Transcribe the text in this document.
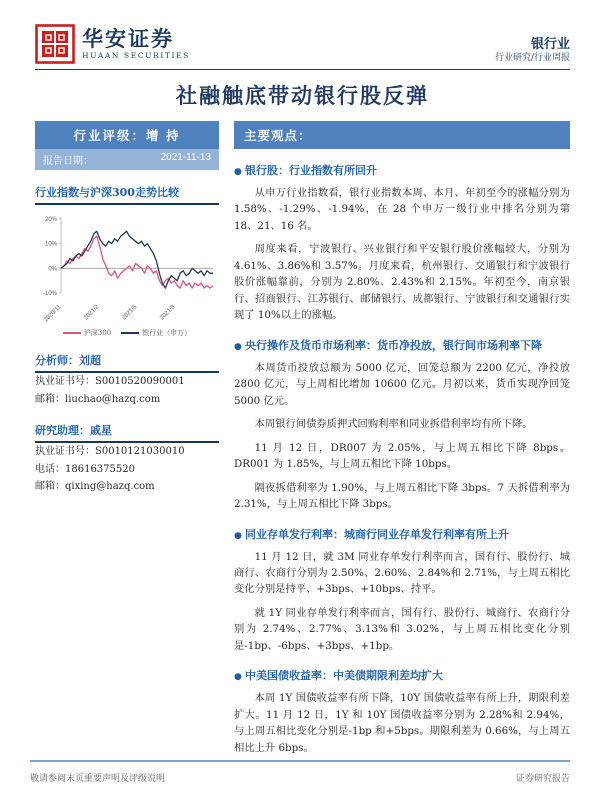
华安证券
HUAAN SECURITIES
银行业
行业研究/行业周报
社融触底带动银行股反弹
行业评级：增 持
报告日期：	2021-11-13
行业指数与沪深300走势比较
20%
10%
0%
-10%
2020/11	2021/2	2021/5	2021/8
沪深300	银行业（申万）
分析师：刘超
执业证书号：S0010520090001
邮箱：liuchao@hazq.com
研究助理：戚星
执业证书号：S0010121030010
电话：18616375520
邮箱：qixing@hazq.com
主要观点：
● 银行股：行业指数有所回升

从申万行业指数看，银行业指数本周、本月、年初至今的涨幅分别为 1.58%、-1.29%、-1.94%，在 28 个申万一级行业中排名分别为第 18、21、16 名。

周度来看，宁波银行、兴业银行和平安银行股价涨幅较大，分别为 4.61%、3.86%和 3.57%。月度来看，杭州银行、交通银行和宁波银行股价涨幅靠前，分别为 2.80%、2.43%和 2.15%。年初至今，南京银行、招商银行、江苏银行、邮储银行、成都银行、宁波银行和交通银行实现了 10%以上的涨幅。

● 央行操作及货币市场利率：货币净投放，银行间市场利率下降

本周货币投放总额为 5000 亿元，回笼总额为 2200 亿元，净投放 2800 亿元，与上周相比增加 10600 亿元。月初以来，货币实现净回笼 5000 亿元。

本周银行间债券质押式回购利率和同业拆借利率均有所下降。

11 月 12 日，DR007 为 2.05%，与上周五相比下降 8bps。DR001 为 1.85%，与上周五相比下降 10bps。

隔夜拆借利率为 1.90%，与上周五相比下降 3bps。7 天拆借利率为 2.31%，与上周五相比下降 3bps。

● 同业存单发行利率：城商行同业存单发行利率有所上升

11 月 12 日，就 3M 同业存单发行利率而言，国有行、股份行、城商行、农商行分别为 2.50%、2.60%、2.84%和 2.71%，与上周五相比变化分别是持平、+3bps、+10bps、持平。

就 1Y 同业存单发行利率而言，国有行、股份行、城商行、农商行分别为 2.74%、2.77%、3.13%和 3.02%，与上周五相比变化分别是-1bp、-6bps、+3bps、+1bp。

● 中美国债收益率：中美债期限利差均扩大

本周 1Y 国债收益率有所下降，10Y 国债收益率有所上升，期限利差扩大。11 月 12 日，1Y 和 10Y 国债收益率分别为 2.28%和 2.94%，与上周五相比变化分别是-1bp 和+5bps。期限利差为 0.66%，与上周五相比上升 6bps。

敬请参阅末页重要声明及评级说明	证券研究报告
